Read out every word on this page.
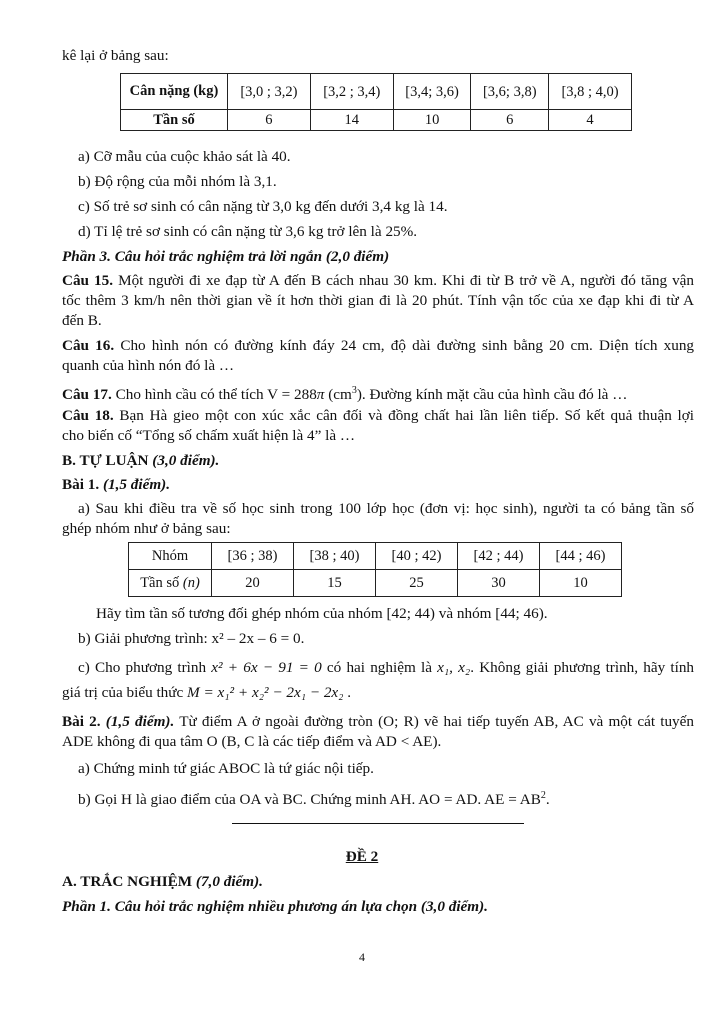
kê lại ở bảng sau:
Cân nặng (kg)	[3,0 ; 3,2)	[3,2 ; 3,4)	[3,4; 3,6)	[3,6; 3,8)	[3,8 ; 4,0)
Tần số	6	14	10	6	4
a) Cỡ mẫu của cuộc khảo sát là 40.
b) Độ rộng của mỗi nhóm là 3,1.
c) Số trẻ sơ sinh có cân nặng từ 3,0 kg đến dưới 3,4 kg là 14.
d) Tỉ lệ trẻ sơ sinh có cân nặng từ 3,6 kg trở lên là 25%.
Phần 3. Câu hỏi trắc nghiệm trả lời ngắn (2,0 điểm)
Câu 15. Một người đi xe đạp từ A đến B cách nhau 30 km. Khi đi từ B trở về A, người đó tăng vận
tốc thêm 3 km/h nên thời gian về ít hơn thời gian đi là 20 phút. Tính vận tốc của xe đạp khi đi từ A
đến B.
Câu 16. Cho hình nón có đường kính đáy 24 cm, độ dài đường sinh bằng 20 cm. Diện tích xung
quanh của hình nón đó là …
Câu 17. Cho hình cầu có thể tích V = 288π $(cm^3)$. Đường kính mặt cầu của hình cầu đó là …
Câu 18. Bạn Hà gieo một con xúc xắc cân đối và đồng chất hai lần liên tiếp. Số kết quả thuận lợi
cho biến cố “Tổng số chấm xuất hiện là 4” là …
B. TỰ LUẬN (3,0 điểm).
Bài 1. (1,5 điểm).
a) Sau khi điều tra về số học sinh trong 100 lớp học (đơn vị: học sinh), người ta có bảng tần số
ghép nhóm như ở bảng sau:
Nhóm	[36 ; 38)	[38 ; 40)	[40 ; 42)	[42 ; 44)	[44 ; 46)
Tần số (n)	20	15	25	30	10
Hãy tìm tần số tương đối ghép nhóm của nhóm [42; 44) và nhóm [44; 46).
b) Giải phương trình: x² – 2x – 6 = 0.
c) Cho phương trình x² + 6x − 91 = 0 có hai nghiệm là x₁, x₂. Không giải phương trình, hãy tính
giá trị của biểu thức M = x₁² + x₂² − 2x₁ − 2x₂ .
Bài 2. (1,5 điểm). Từ điểm A ở ngoài đường tròn (O; R) vẽ hai tiếp tuyến AB, AC và một cát tuyến
ADE không đi qua tâm O (B, C là các tiếp điểm và AD < AE).
a) Chứng minh tứ giác ABOC là tứ giác nội tiếp.
b) Gọi H là giao điểm của OA và BC. Chứng minh AH. AO = AD. AE = $AB^2$.
ĐỀ 2
A. TRẮC NGHIỆM (7,0 điểm).
Phần 1. Câu hỏi trắc nghiệm nhiều phương án lựa chọn (3,0 điểm).
4
